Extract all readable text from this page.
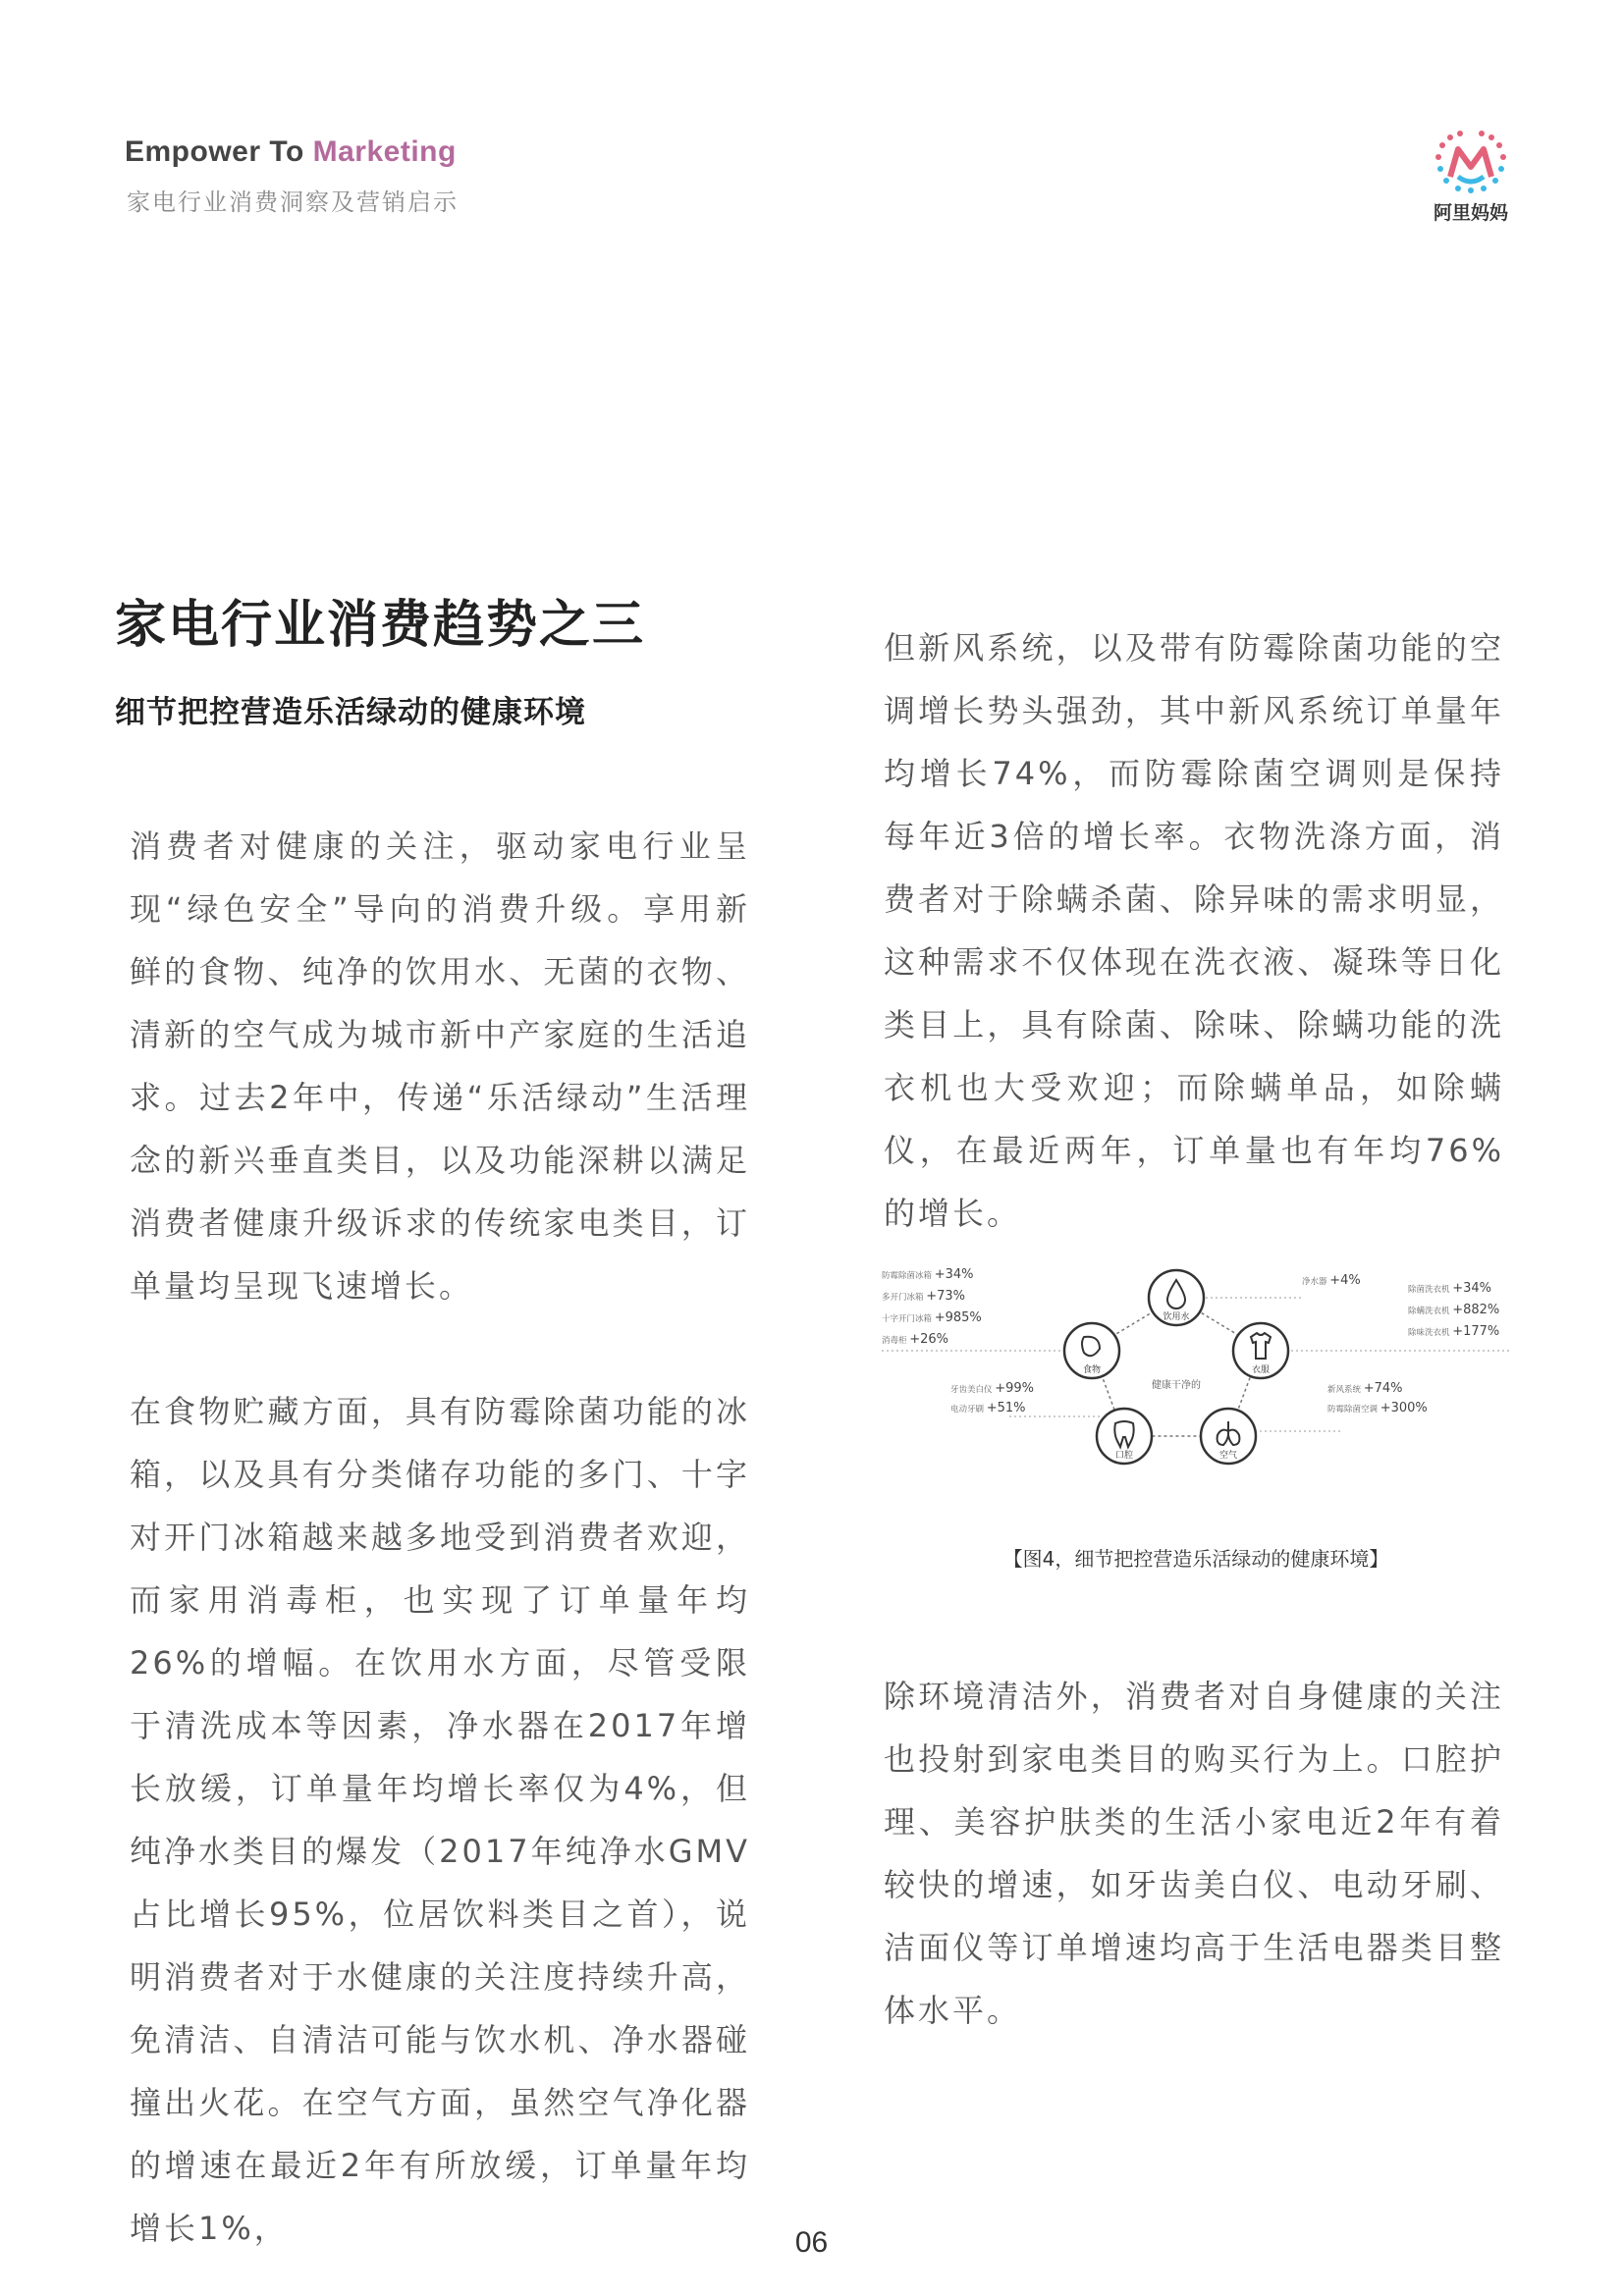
Empower To Marketing
家电行业消费洞察及营销启示	阿里妈妈
家电行业消费趋势之三
细节把控营造乐活绿动的健康环境

消费者对健康的关注，驱动家电行业呈现“绿色安全”导向的消费升级。享用新鲜的食物、纯净的饮用水、无菌的衣物、清新的空气成为城市新中产家庭的生活追求。过去2年中，传递“乐活绿动”生活理念的新兴垂直类目，以及功能深耕以满足消费者健康升级诉求的传统家电类目，订单量均呈现飞速增长。

在食物贮藏方面，具有防霉除菌功能的冰箱，以及具有分类储存功能的多门、十字对开门冰箱越来越多地受到消费者欢迎，而家用消毒柜，也实现了订单量年均26%的增幅。在饮用水方面，尽管受限于清洗成本等因素，净水器在2017年增长放缓，订单量年均增长率仅为4%，但纯净水类目的爆发（2017年纯净水GMV占比增长95%，位居饮料类目之首），说明消费者对于水健康的关注度持续升高，免清洁、自清洁可能与饮水机、净水器碰撞出火花。在空气方面，虽然空气净化器的增速在最近2年有所放缓，订单量年均增长1%，

但新风系统，以及带有防霉除菌功能的空调增长势头强劲，其中新风系统订单量年均增长74%，而防霉除菌空调则是保持每年近3倍的增长率。衣物洗涤方面，消费者对于除螨杀菌、除异味的需求明显，这种需求不仅体现在洗衣液、凝珠等日化类目上，具有除菌、除味、除螨功能的洗衣机也大受欢迎；而除螨单品，如除螨仪，在最近两年，订单量也有年均76%的增长。

饮用水
食物	衣服
口腔	空气
健康干净的
防霉除菌冰箱 +34%
多开门冰箱 +73%
十字开门冰箱 +985%
消毒柜 +26%
净水器 +4%
除菌洗衣机 +34%
除螨洗衣机 +882%
除味洗衣机 +177%
牙齿美白仪 +99%
电动牙刷 +51%
新风系统 +74%
防霉除菌空调 +300%
【图4，细节把控营造乐活绿动的健康环境】

除环境清洁外，消费者对自身健康的关注也投射到家电类目的购买行为上。口腔护理、美容护肤类的生活小家电近2年有着较快的增速，如牙齿美白仪、电动牙刷、洁面仪等订单增速均高于生活电器类目整体水平。

06
